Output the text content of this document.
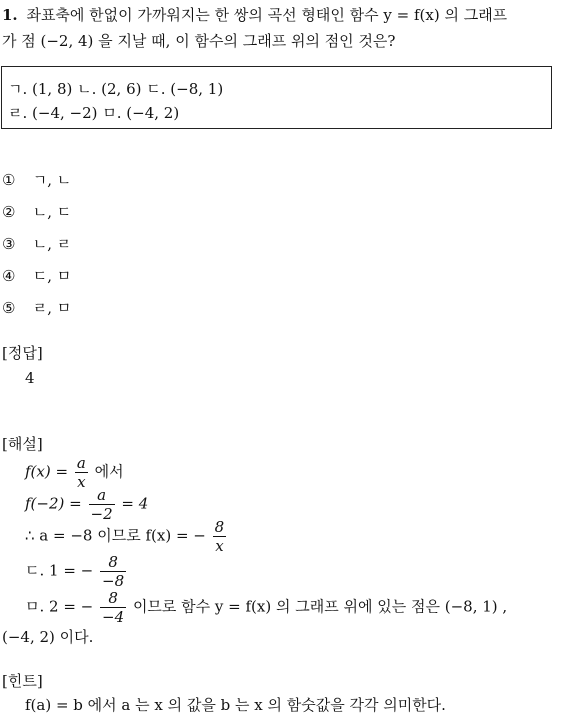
1. 좌표축에 한없이 가까워지는 한 쌍의 곡선 형태인 함수 y = f(x) 의 그래프
가 점 (−2, 4) 을 지날 때, 이 함수의 그래프 위의 점인 것은?
ㄱ. (1, 8) ㄴ. (2, 6) ㄷ. (−8, 1)
ㄹ. (−4, −2) ㅁ. (−4, 2)
① ㄱ, ㄴ
② ㄴ, ㄷ
③ ㄴ, ㄹ
④ ㄷ, ㅁ
⑤ ㄹ, ㅁ
[정답]
4
[해설]
$f(x) = \frac{a}{x}$ 에서
$f(-2) = \frac{a}{-2} = 4$
∴ a = −8 이므로 f(x) = − $\frac{8}{x}$
ㄷ. 1 = − $\frac{8}{-8}$
ㅁ. 2 = − $\frac{8}{-4}$ 이므로 함수 y = f(x) 의 그래프 위에 있는 점은 (−8, 1) ,
(−4, 2) 이다.
[힌트]
f(a) = b 에서 a 는 x 의 값을 b 는 x 의 함숫값을 각각 의미한다.
